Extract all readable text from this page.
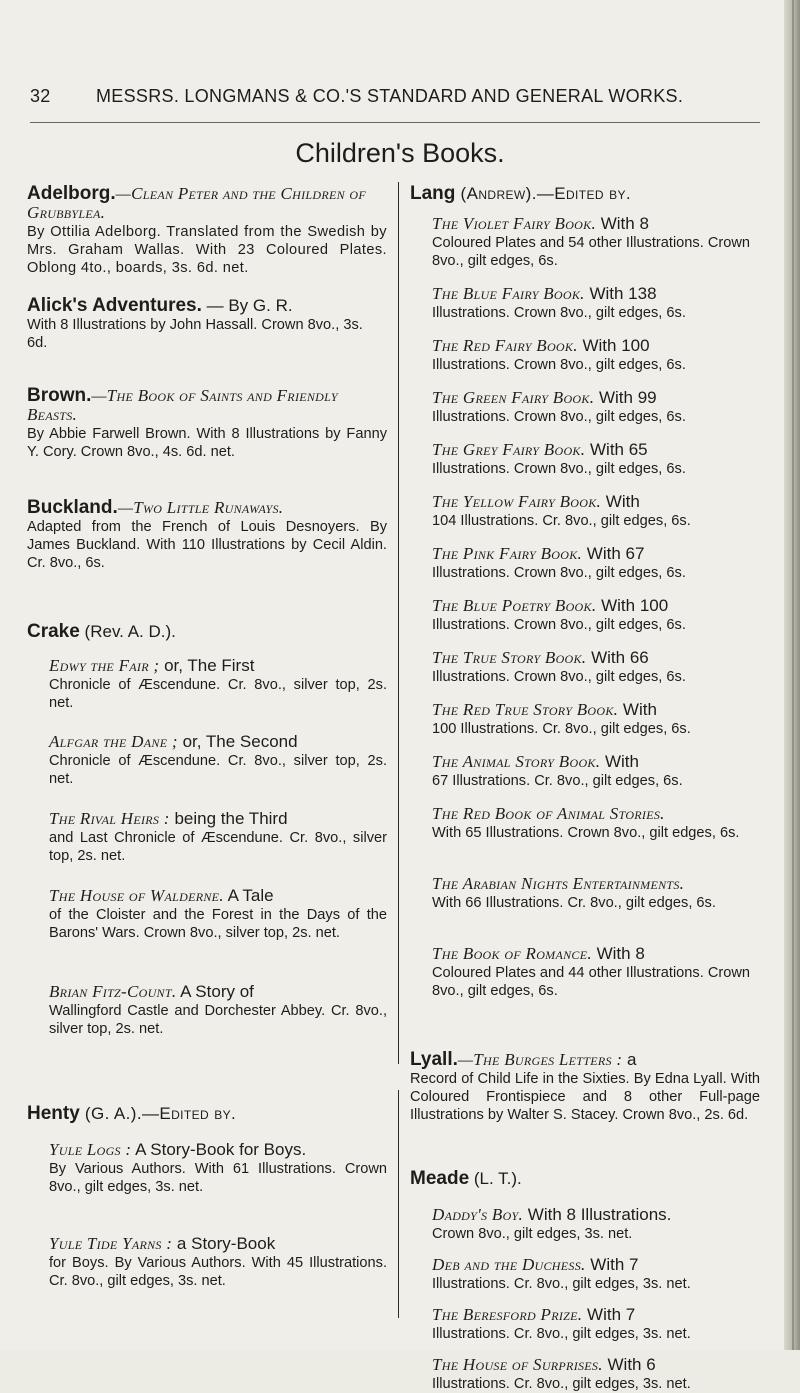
32	MESSRS. LONGMANS & CO.'S STANDARD AND GENERAL WORKS.
Children's Books.
Adelborg.—Clean Peter and the Children of Grubbylea.
By Ottilia Adelborg. Translated from the Swedish by Mrs. Graham Wallas. With 23 Coloured Plates. Oblong 4to., boards, 3s. 6d. net.
Alick's Adventures. — By G. R.
With 8 Illustrations by John Hassall. Crown 8vo., 3s. 6d.
Brown.—The Book of Saints and Friendly Beasts.
By Abbie Farwell Brown. With 8 Illustrations by Fanny Y. Cory. Crown 8vo., 4s. 6d. net.
Buckland.—Two Little Runaways.
Adapted from the French of Louis Desnoyers. By James Buckland. With 110 Illustrations by Cecil Aldin. Cr. 8vo., 6s.
Crake (Rev. A. D.).
Edwy the Fair ; or, The First
Chronicle of Æscendune. Cr. 8vo., silver top, 2s. net.
Alfgar the Dane ; or, The Second
Chronicle of Æscendune. Cr. 8vo., silver top, 2s. net.
The Rival Heirs : being the Third
and Last Chronicle of Æscendune. Cr. 8vo., silver top, 2s. net.
The House of Walderne. A Tale
of the Cloister and the Forest in the Days of the Barons' Wars. Crown 8vo., silver top, 2s. net.
Brian Fitz-Count. A Story of
Wallingford Castle and Dorchester Abbey. Cr. 8vo., silver top, 2s. net.
Henty (G. A.).—Edited by.
Yule Logs : A Story-Book for Boys.
By Various Authors. With 61 Illustrations. Crown 8vo., gilt edges, 3s. net.
Yule Tide Yarns : a Story-Book
for Boys. By Various Authors. With 45 Illustrations. Cr. 8vo., gilt edges, 3s. net.
Lang (Andrew).—Edited by.
The Violet Fairy Book. With 8
Coloured Plates and 54 other Illustrations. Crown 8vo., gilt edges, 6s.
The Blue Fairy Book. With 138
Illustrations. Crown 8vo., gilt edges, 6s.
The Red Fairy Book. With 100
Illustrations. Crown 8vo., gilt edges, 6s.
The Green Fairy Book. With 99
Illustrations. Crown 8vo., gilt edges, 6s.
The Grey Fairy Book. With 65
Illustrations. Crown 8vo., gilt edges, 6s.
The Yellow Fairy Book. With
104 Illustrations. Cr. 8vo., gilt edges, 6s.
The Pink Fairy Book. With 67
Illustrations. Crown 8vo., gilt edges, 6s.
The Blue Poetry Book. With 100
Illustrations. Crown 8vo., gilt edges, 6s.
The True Story Book. With 66
Illustrations. Crown 8vo., gilt edges, 6s.
The Red True Story Book. With
100 Illustrations. Cr. 8vo., gilt edges, 6s.
The Animal Story Book. With
67 Illustrations. Cr. 8vo., gilt edges, 6s.
The Red Book of Animal Stories.
With 65 Illustrations. Crown 8vo., gilt edges, 6s.
The Arabian Nights Entertainments.
With 66 Illustrations. Cr. 8vo., gilt edges, 6s.
The Book of Romance. With 8
Coloured Plates and 44 other Illustrations. Crown 8vo., gilt edges, 6s.
Lyall.—The Burges Letters : a
Record of Child Life in the Sixties. By Edna Lyall. With Coloured Frontispiece and 8 other Full-page Illustrations by Walter S. Stacey. Crown 8vo., 2s. 6d.
Meade (L. T.).
Daddy's Boy. With 8 Illustrations.
Crown 8vo., gilt edges, 3s. net.
Deb and the Duchess. With 7
Illustrations. Cr. 8vo., gilt edges, 3s. net.
The Beresford Prize. With 7
Illustrations. Cr. 8vo., gilt edges, 3s. net.
The House of Surprises. With 6
Illustrations. Cr. 8vo., gilt edges, 3s. net.
